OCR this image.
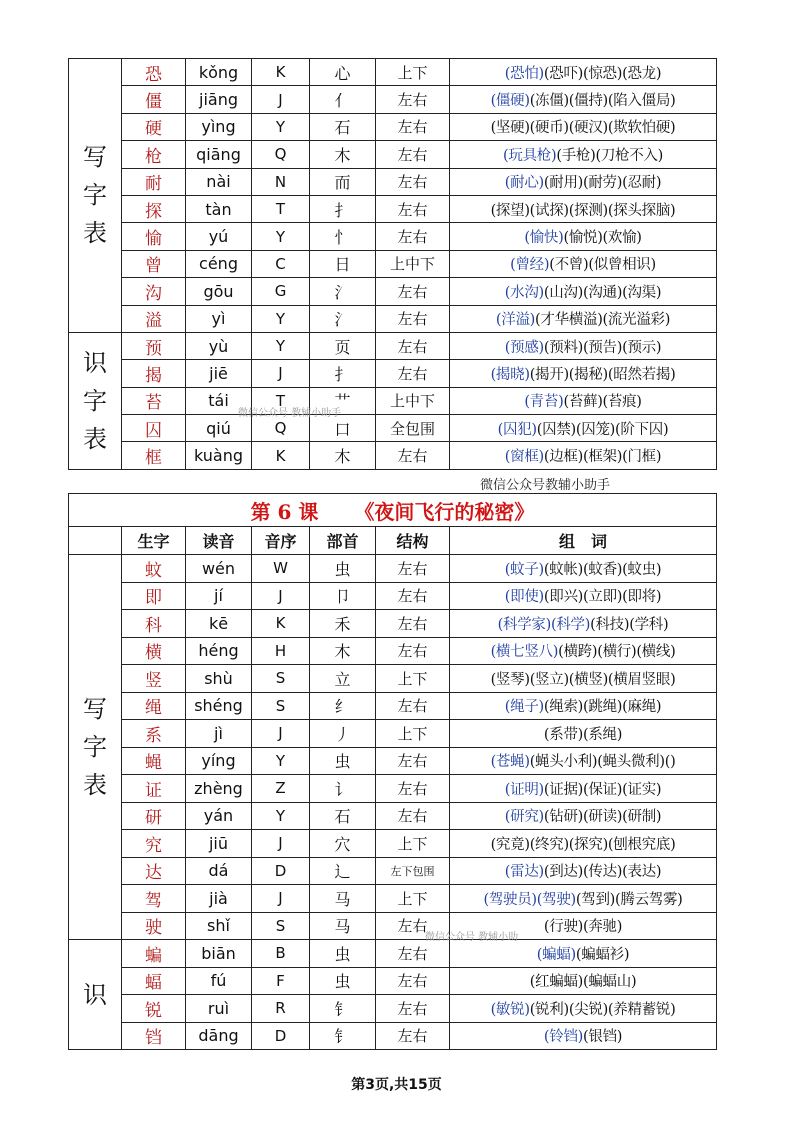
写
字
表	恐	kǒng	K	心	上下	(恐怕)(恐吓)(惊恐)(恐龙)
	僵	jiāng	J	亻	左右	(僵硬)(冻僵)(僵持)(陷入僵局)
	硬	yìng	Y	石	左右	(坚硬)(硬币)(硬汉)(欺软怕硬)
	枪	qiāng	Q	木	左右	(玩具枪)(手枪)(刀枪不入)
	耐	nài	N	而	左右	(耐心)(耐用)(耐劳)(忍耐)
	探	tàn	T	扌	左右	(探望)(试探)(探测)(探头探脑)
	愉	yú	Y	忄	左右	(愉快)(愉悦)(欢愉)
	曾	céng	C	日	上中下	(曾经)(不曾)(似曾相识)
	沟	gōu	G	氵	左右	(水沟)(山沟)(沟通)(沟渠)
	溢	yì	Y	氵	左右	(洋溢)(才华横溢)(流光溢彩)
识
字
表	预	yù	Y	页	左右	(预感)(预料)(预告)(预示)
	揭	jiē	J	扌	左右	(揭晓)(揭开)(揭秘)(昭然若揭)
	苔	tái	T	艹	上中下	(青苔)(苔藓)(苔痕)
	囚	qiú	Q	口	全包围	(囚犯)(囚禁)(囚笼)(阶下囚)
	框	kuàng	K	木	左右	(窗框)(边框)(框架)(门框)
微信公众号教辅小助手
第 6 课 《夜间飞行的秘密》						
	生字	读音	音序	部首	结构	组　词
写
字
表	蚊	wén	W	虫	左右	(蚊子)(蚊帐)(蚊香)(蚊虫)
	即	jí	J	卩	左右	(即使)(即兴)(立即)(即将)
	科	kē	K	禾	左右	(科学家)(科学)(科技)(学科)
	横	héng	H	木	左右	(横七竖八)(横跨)(横行)(横线)
	竖	shù	S	立	上下	(竖琴)(竖立)(横竖)(横眉竖眼)
	绳	shéng	S	纟	左右	(绳子)(绳索)(跳绳)(麻绳)
	系	jì	J	丿	上下	(系带)(系绳)
	蝇	yíng	Y	虫	左右	(苍蝇)(蝇头小利)(蝇头微利)()
	证	zhèng	Z	讠	左右	(证明)(证据)(保证)(证实)
	研	yán	Y	石	左右	(研究)(钻研)(研读)(研制)
	究	jiū	J	穴	上下	(究竟)(终究)(探究)(刨根究底)
	达	dá	D	辶	左下包围	(雷达)(到达)(传达)(表达)
	驾	jià	J	马	上下	(驾驶员)(驾驶)(驾到)(腾云驾雾)
	驶	shǐ	S	马	左右	(行驶)(奔驰)
识	蝙	biān	B	虫	左右	(蝙蝠)(蝙蝠衫)
	蝠	fú	F	虫	左右	(红蝙蝠)(蝙蝠山)
	锐	ruì	R	钅	左右	(敏锐)(锐利)(尖锐)(养精蓄锐)
	铛	dāng	D	钅	左右	(铃铛)(银铛)
微信公众号 教辅小助手
微信公众号 教辅小助
第3页,共15页
